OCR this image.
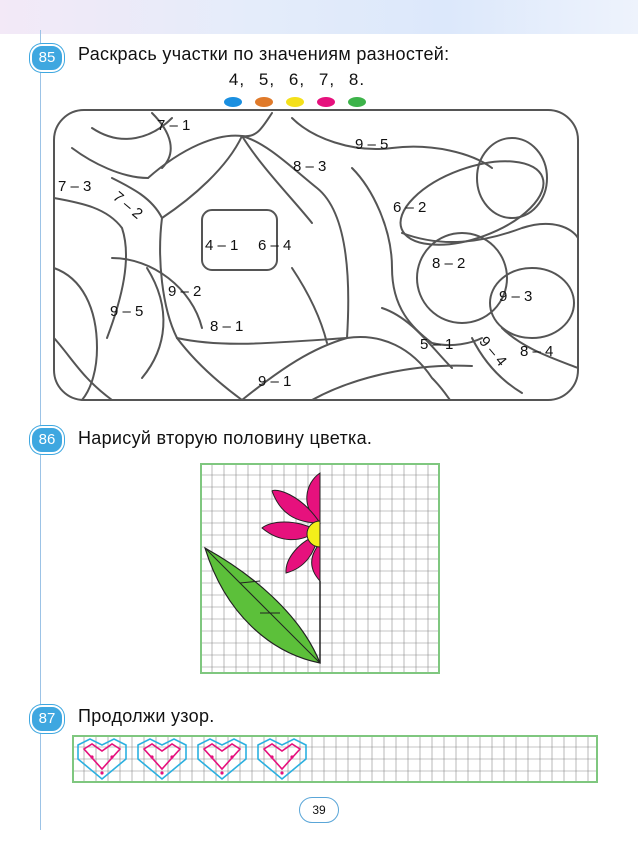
85	Раскрась участки по значениям разностей:
4, 5, 6, 7, 8.
7 – 1
9 – 5
7 – 3
8 – 3
7 – 2	6 – 2
4 – 1 6 – 4
8 – 2
9 – 2	9 – 3
9 – 5
8 – 1
5 – 1 9 – 4 8 – 4
9 – 1
86	Нарисуй вторую половину цветка.
87	Продолжи узор.
39
